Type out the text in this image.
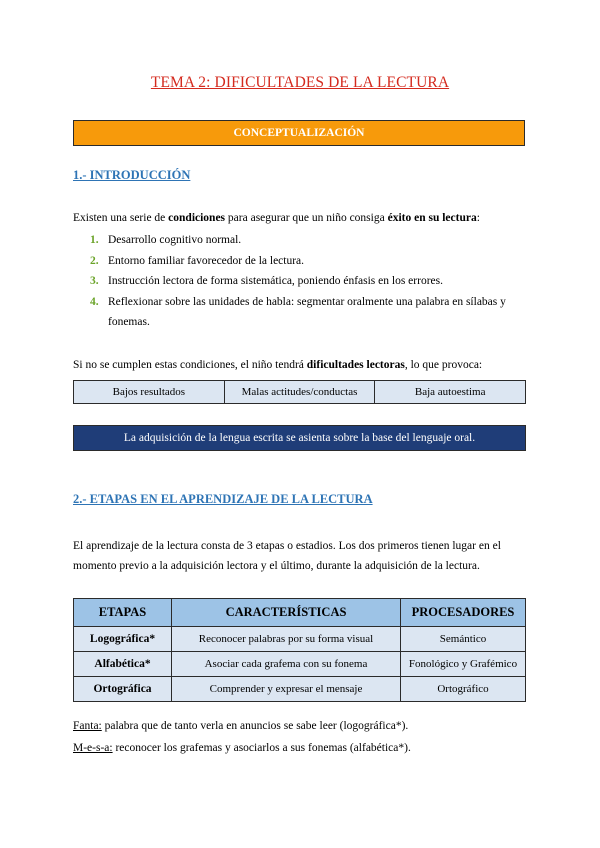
TEMA 2: DIFICULTADES DE LA LECTURA
CONCEPTUALIZACIÓN
1.- INTRODUCCIÓN
Existen una serie de condiciones para asegurar que un niño consiga éxito en su lectura:
1. Desarrollo cognitivo normal.
2. Entorno familiar favorecedor de la lectura.
3. Instrucción lectora de forma sistemática, poniendo énfasis en los errores.
4. Reflexionar sobre las unidades de habla: segmentar oralmente una palabra en sílabas y fonemas.
Si no se cumplen estas condiciones, el niño tendrá dificultades lectoras, lo que provoca:
Bajos resultados	Malas actitudes/conductas	Baja autoestima
La adquisición de la lengua escrita se asienta sobre la base del lenguaje oral.
2.- ETAPAS EN EL APRENDIZAJE DE LA LECTURA
El aprendizaje de la lectura consta de 3 etapas o estadios. Los dos primeros tienen lugar en el momento previo a la adquisición lectora y el último, durante la adquisición de la lectura.
ETAPAS	CARACTERÍSTICAS	PROCESADORES
Logográfica*	Reconocer palabras por su forma visual	Semántico
Alfabética*	Asociar cada grafema con su fonema	Fonológico y Grafémico
Ortográfica	Comprender y expresar el mensaje	Ortográfico
Fanta: palabra que de tanto verla en anuncios se sabe leer (logográfica*).
M-e-s-a: reconocer los grafemas y asociarlos a sus fonemas (alfabética*).
